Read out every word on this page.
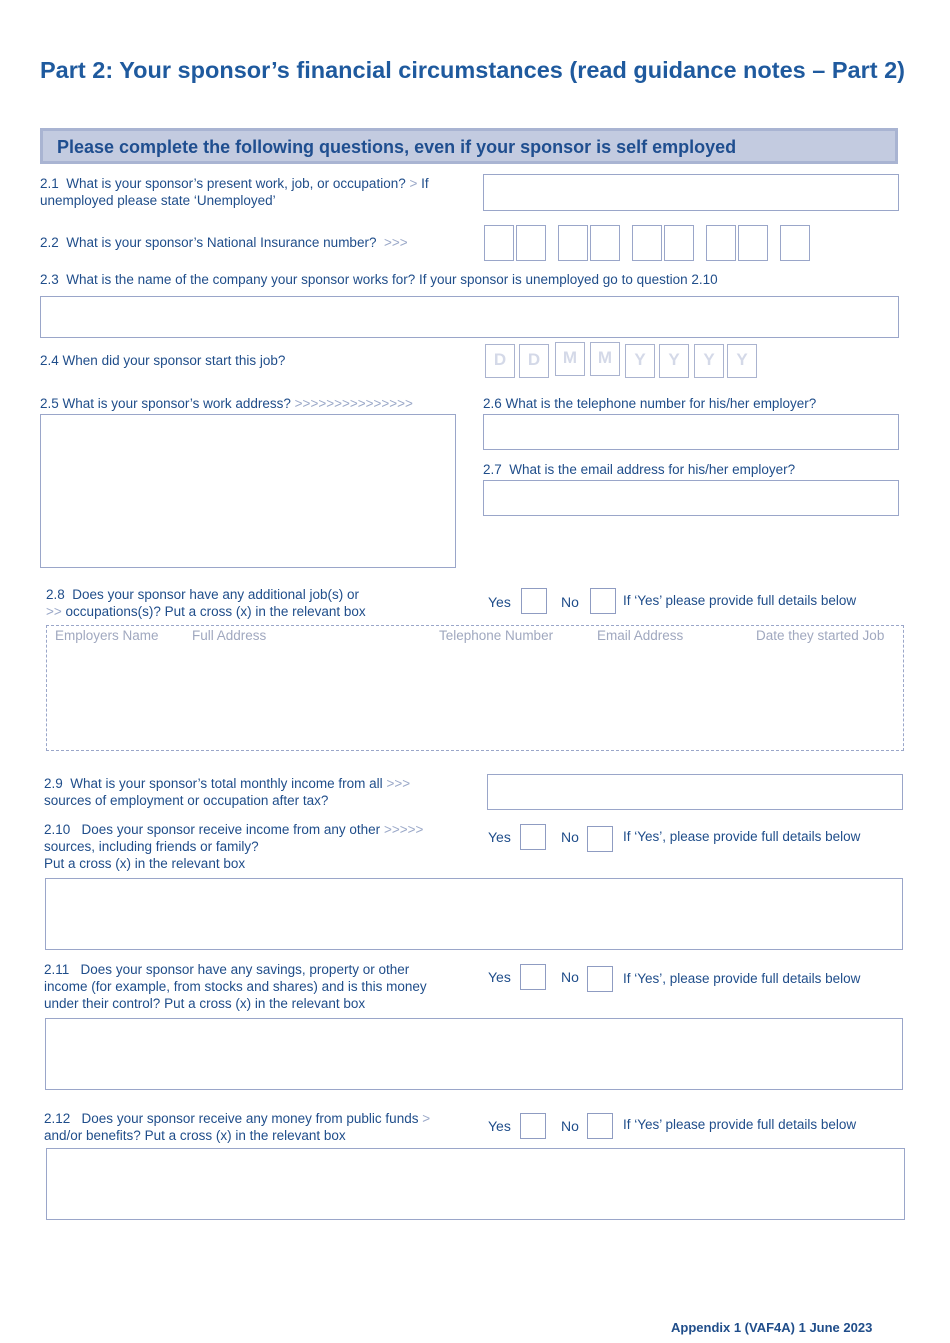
Part 2: Your sponsor’s financial circumstances (read guidance notes – Part 2)
Please complete the following questions, even if your sponsor is self employed
2.1 What is your sponsor’s present work, job, or occupation? > If unemployed please state ‘Unemployed’
2.2 What is your sponsor’s National Insurance number? >>>
2.3 What is the name of the company your sponsor works for? If your sponsor is unemployed go to question 2.10
2.4 When did your sponsor start this job?	D	D	M	M	Y	Y	Y	Y
2.5 What is your sponsor’s work address? >>>>>>>>>>>>>>>	2.6 What is the telephone number for his/her employer?
2.7 What is the email address for his/her employer?
2.8 Does your sponsor have any additional job(s) or
>> occupations(s)? Put a cross (x) in the relevant box
Yes	No	If ‘Yes’ please provide full details below
Employers Name Full Address	Telephone Number	Email Address	Date they started Job
2.9 What is your sponsor’s total monthly income from all >>>
sources of employment or occupation after tax?
2.10 Does your sponsor receive income from any other >>>>>
sources, including friends or family?
Put a cross (x) in the relevant box
Yes	No	If ‘Yes’, please provide full details below
2.11 Does your sponsor have any savings, property or other
income (for example, from stocks and shares) and is this money
under their control? Put a cross (x) in the relevant box
Yes	No	If ‘Yes’, please provide full details below
2.12 Does your sponsor receive any money from public funds >
and/or benefits? Put a cross (x) in the relevant box
Yes	No	If ‘Yes’ please provide full details below
Appendix 1 (VAF4A) 1 June 2023
